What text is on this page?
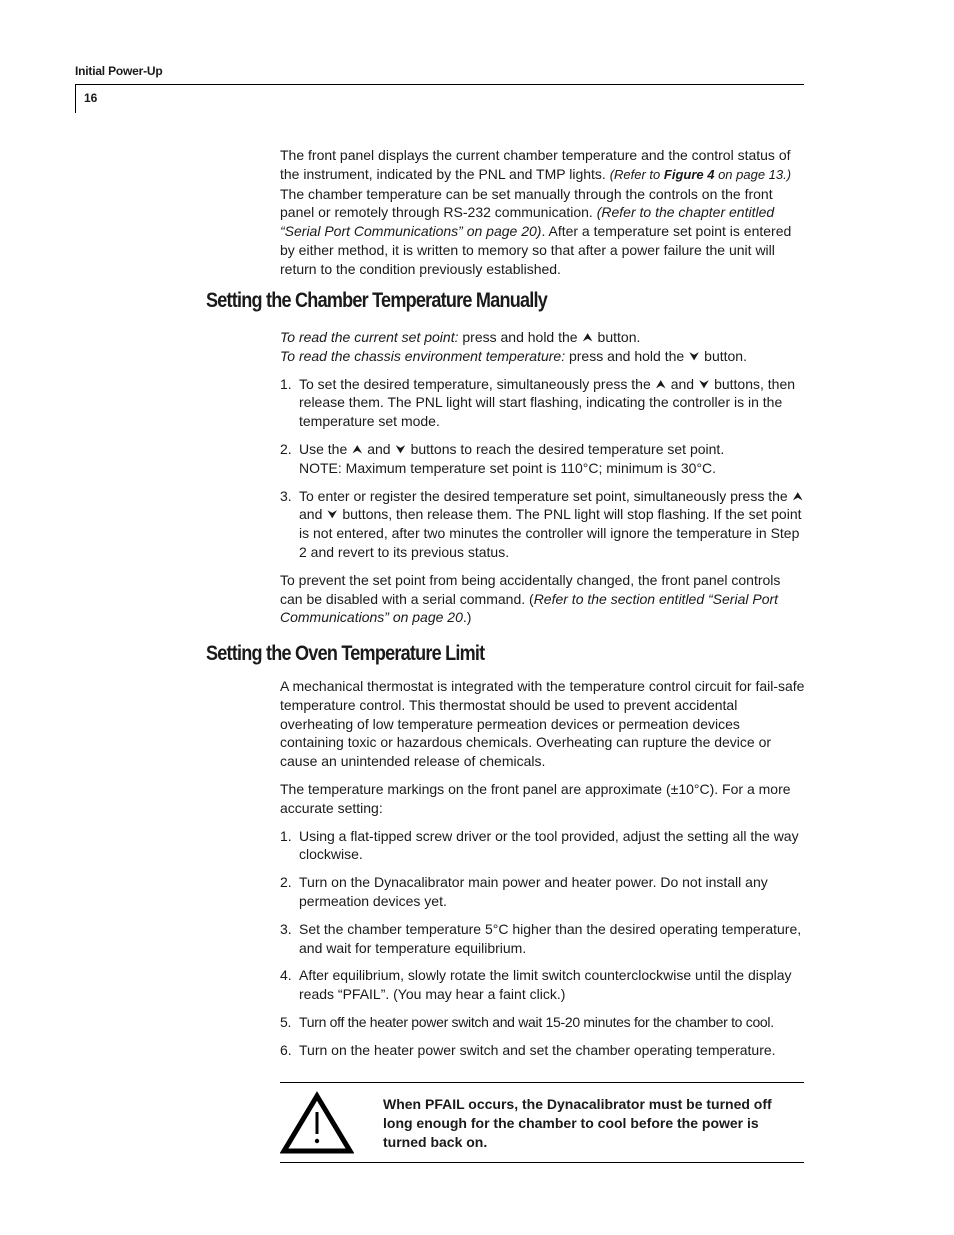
Initial Power-Up
16

The front panel displays the current chamber temperature and the control status of the instrument, indicated by the PNL and TMP lights. (Refer to Figure 4 on page 13.) The chamber temperature can be set manually through the controls on the front panel or remotely through RS-232 communication. (Refer to the chapter entitled “Serial Port Communications” on page 20). After a temperature set point is entered by either method, it is written to memory so that after a power failure the unit will return to the condition previously established.

Setting the Chamber Temperature Manually

To read the current set point: press and hold the ⮝ button.
To read the chassis environment temperature: press and hold the ⮟ button.

1. To set the desired temperature, simultaneously press the ⮝ and ⮟ buttons, then release them. The PNL light will start flashing, indicating the controller is in the temperature set mode.
2. Use the ⮝ and ⮟ buttons to reach the desired temperature set point.
NOTE: Maximum temperature set point is 110°C; minimum is 30°C.
3. To enter or register the desired temperature set point, simultaneously press the ⮝ and ⮟ buttons, then release them. The PNL light will stop flashing. If the set point is not entered, after two minutes the controller will ignore the temperature in Step 2 and revert to its previous status.

To prevent the set point from being accidentally changed, the front panel controls can be disabled with a serial command. (Refer to the section entitled “Serial Port Communications” on page 20.)

Setting the Oven Temperature Limit

A mechanical thermostat is integrated with the temperature control circuit for fail-safe temperature control. This thermostat should be used to prevent accidental overheating of low temperature permeation devices or permeation devices containing toxic or hazardous chemicals. Overheating can rupture the device or cause an unintended release of chemicals.

The temperature markings on the front panel are approximate (±10°C). For a more accurate setting:

1. Using a flat-tipped screw driver or the tool provided, adjust the setting all the way clockwise.
2. Turn on the Dynacalibrator main power and heater power. Do not install any permeation devices yet.
3. Set the chamber temperature 5°C higher than the desired operating temperature, and wait for temperature equilibrium.
4. After equilibrium, slowly rotate the limit switch counterclockwise until the display reads “PFAIL”. (You may hear a faint click.)
5. Turn off the heater power switch and wait 15-20 minutes for the chamber to cool.
6. Turn on the heater power switch and set the chamber operating temperature.
When PFAIL occurs, the Dynacalibrator must be turned off long enough for the chamber to cool before the power is turned back on.
